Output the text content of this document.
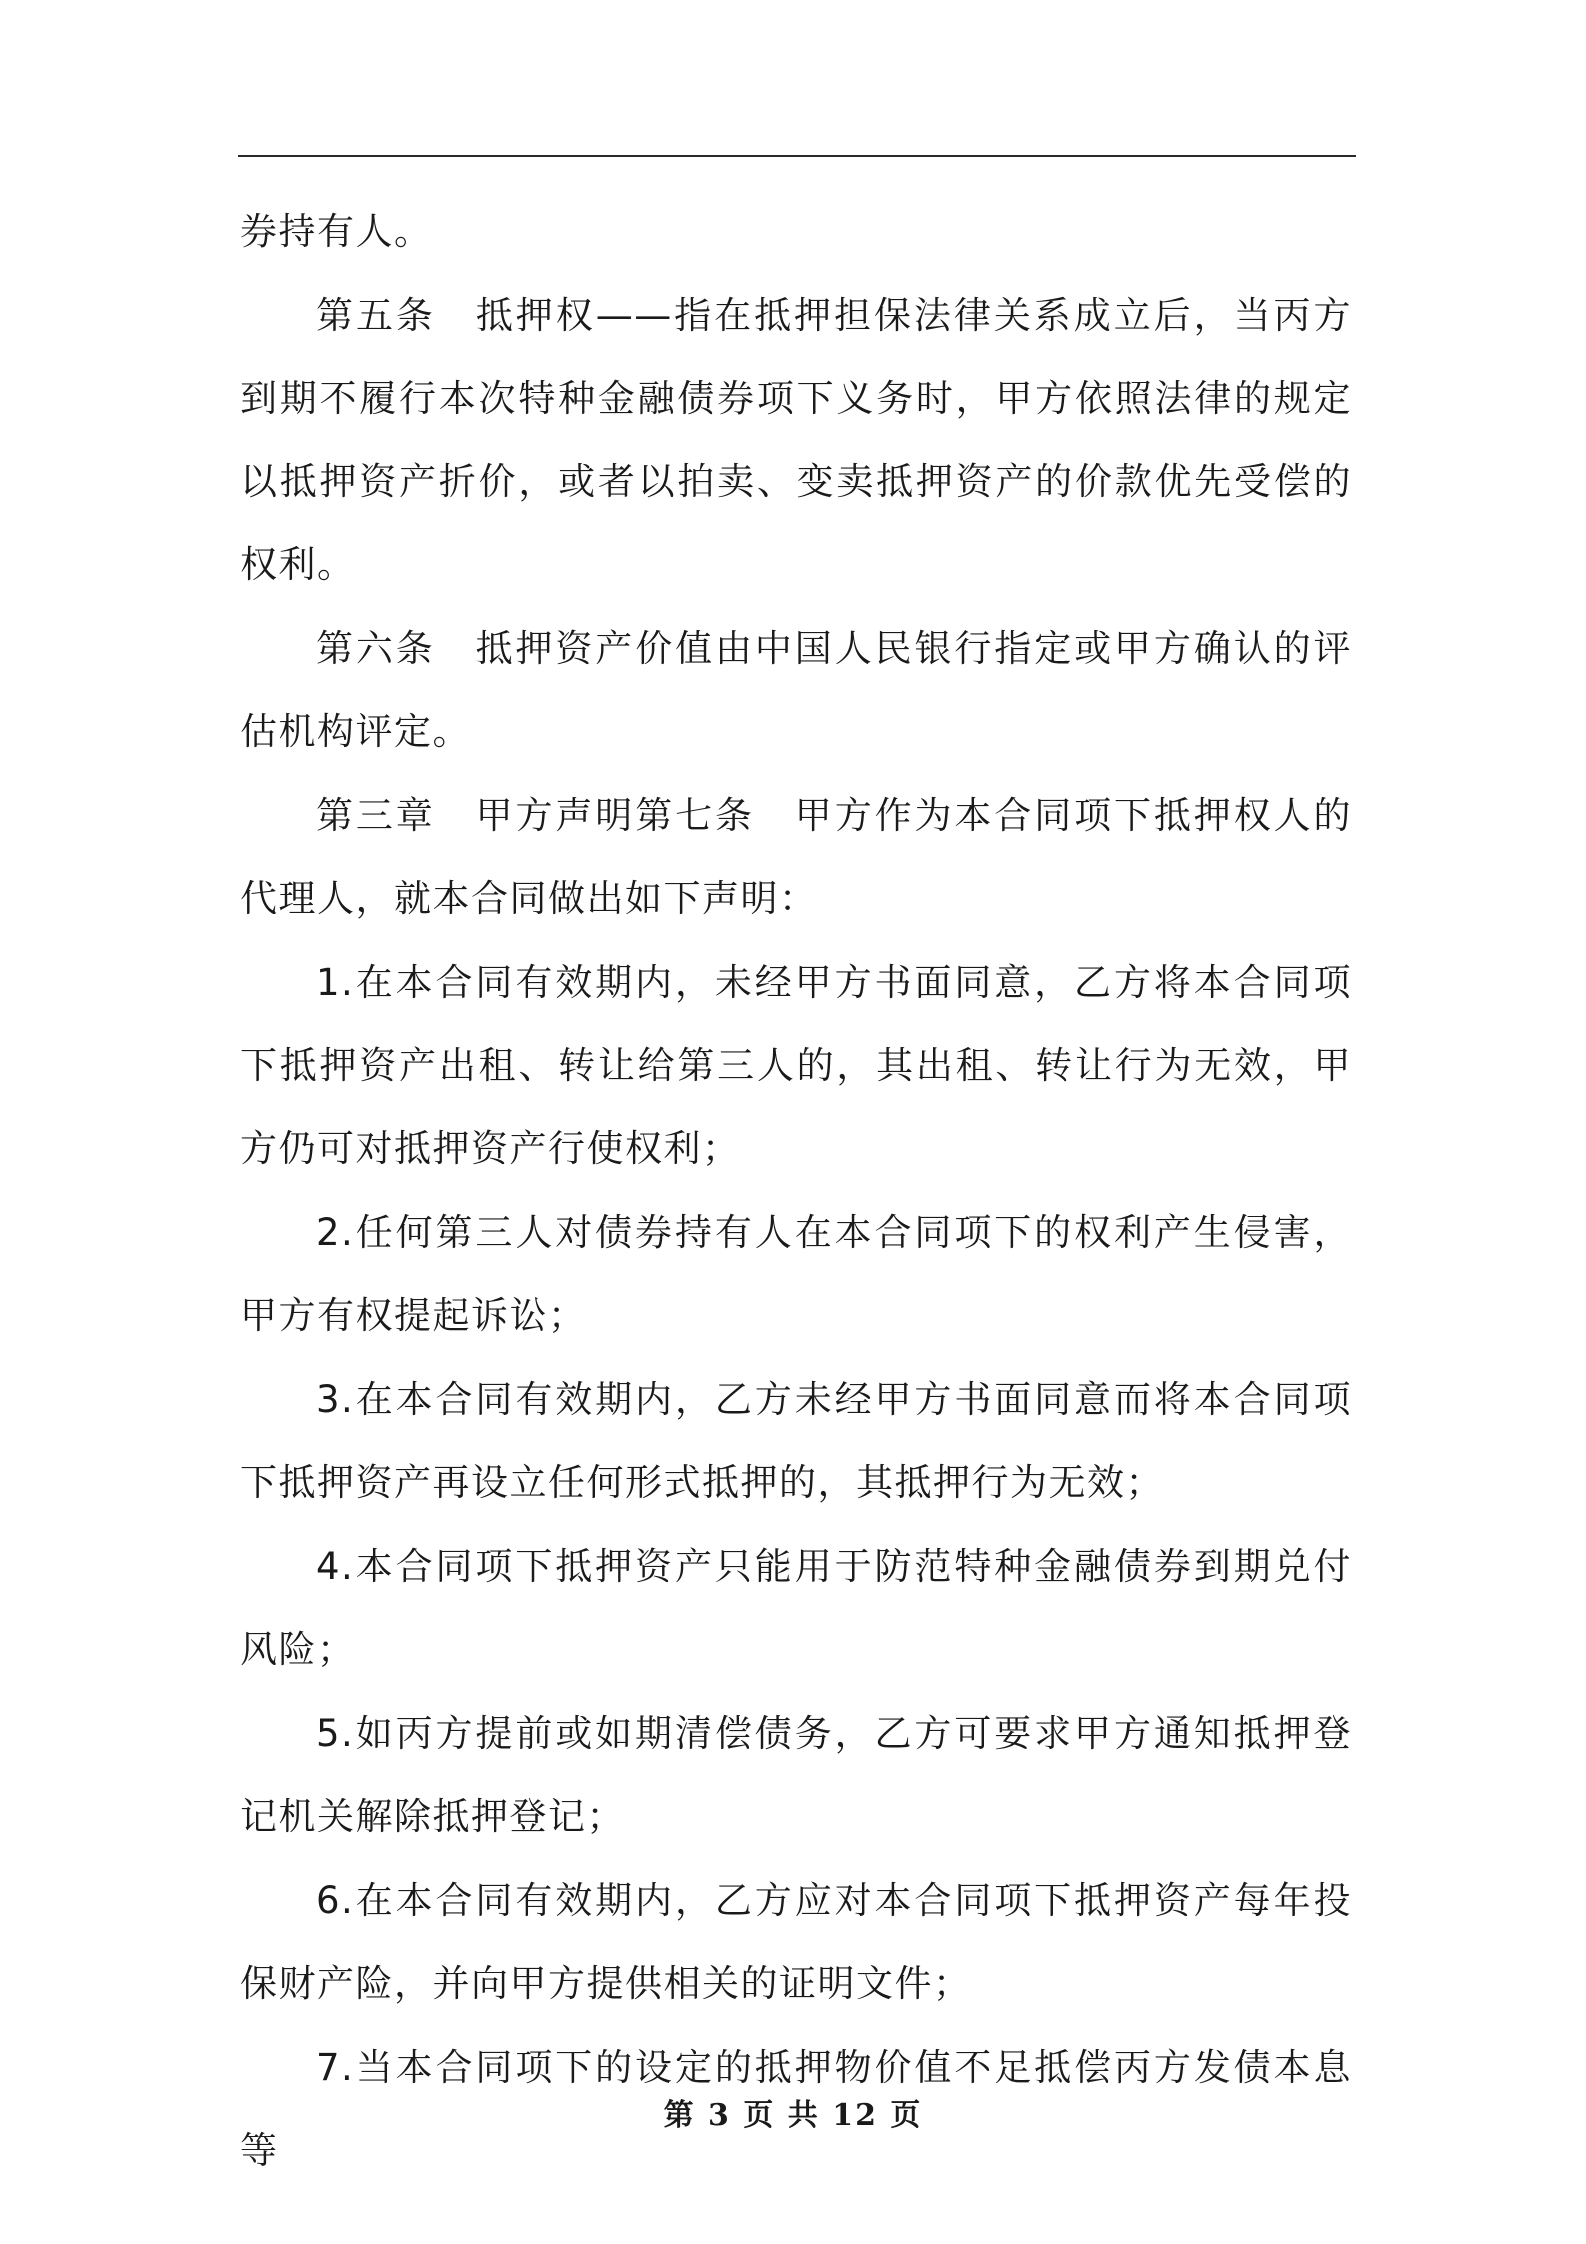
券持有人。

第五条　抵押权——指在抵押担保法律关系成立后，当丙方到期不履行本次特种金融债券项下义务时，甲方依照法律的规定以抵押资产折价，或者以拍卖、变卖抵押资产的价款优先受偿的权利。

第六条　抵押资产价值由中国人民银行指定或甲方确认的评估机构评定。

第三章　甲方声明第七条　甲方作为本合同项下抵押权人的代理人，就本合同做出如下声明：

1.在本合同有效期内，未经甲方书面同意，乙方将本合同项下抵押资产出租、转让给第三人的，其出租、转让行为无效，甲方仍可对抵押资产行使权利；

2.任何第三人对债券持有人在本合同项下的权利产生侵害，甲方有权提起诉讼；

3.在本合同有效期内，乙方未经甲方书面同意而将本合同项下抵押资产再设立任何形式抵押的，其抵押行为无效；

4.本合同项下抵押资产只能用于防范特种金融债券到期兑付风险；

5.如丙方提前或如期清偿债务，乙方可要求甲方通知抵押登记机关解除抵押登记；

6.在本合同有效期内，乙方应对本合同项下抵押资产每年投保财产险，并向甲方提供相关的证明文件；

7.当本合同项下的设定的抵押物价值不足抵偿丙方发债本息等

第 3 页 共 12 页
